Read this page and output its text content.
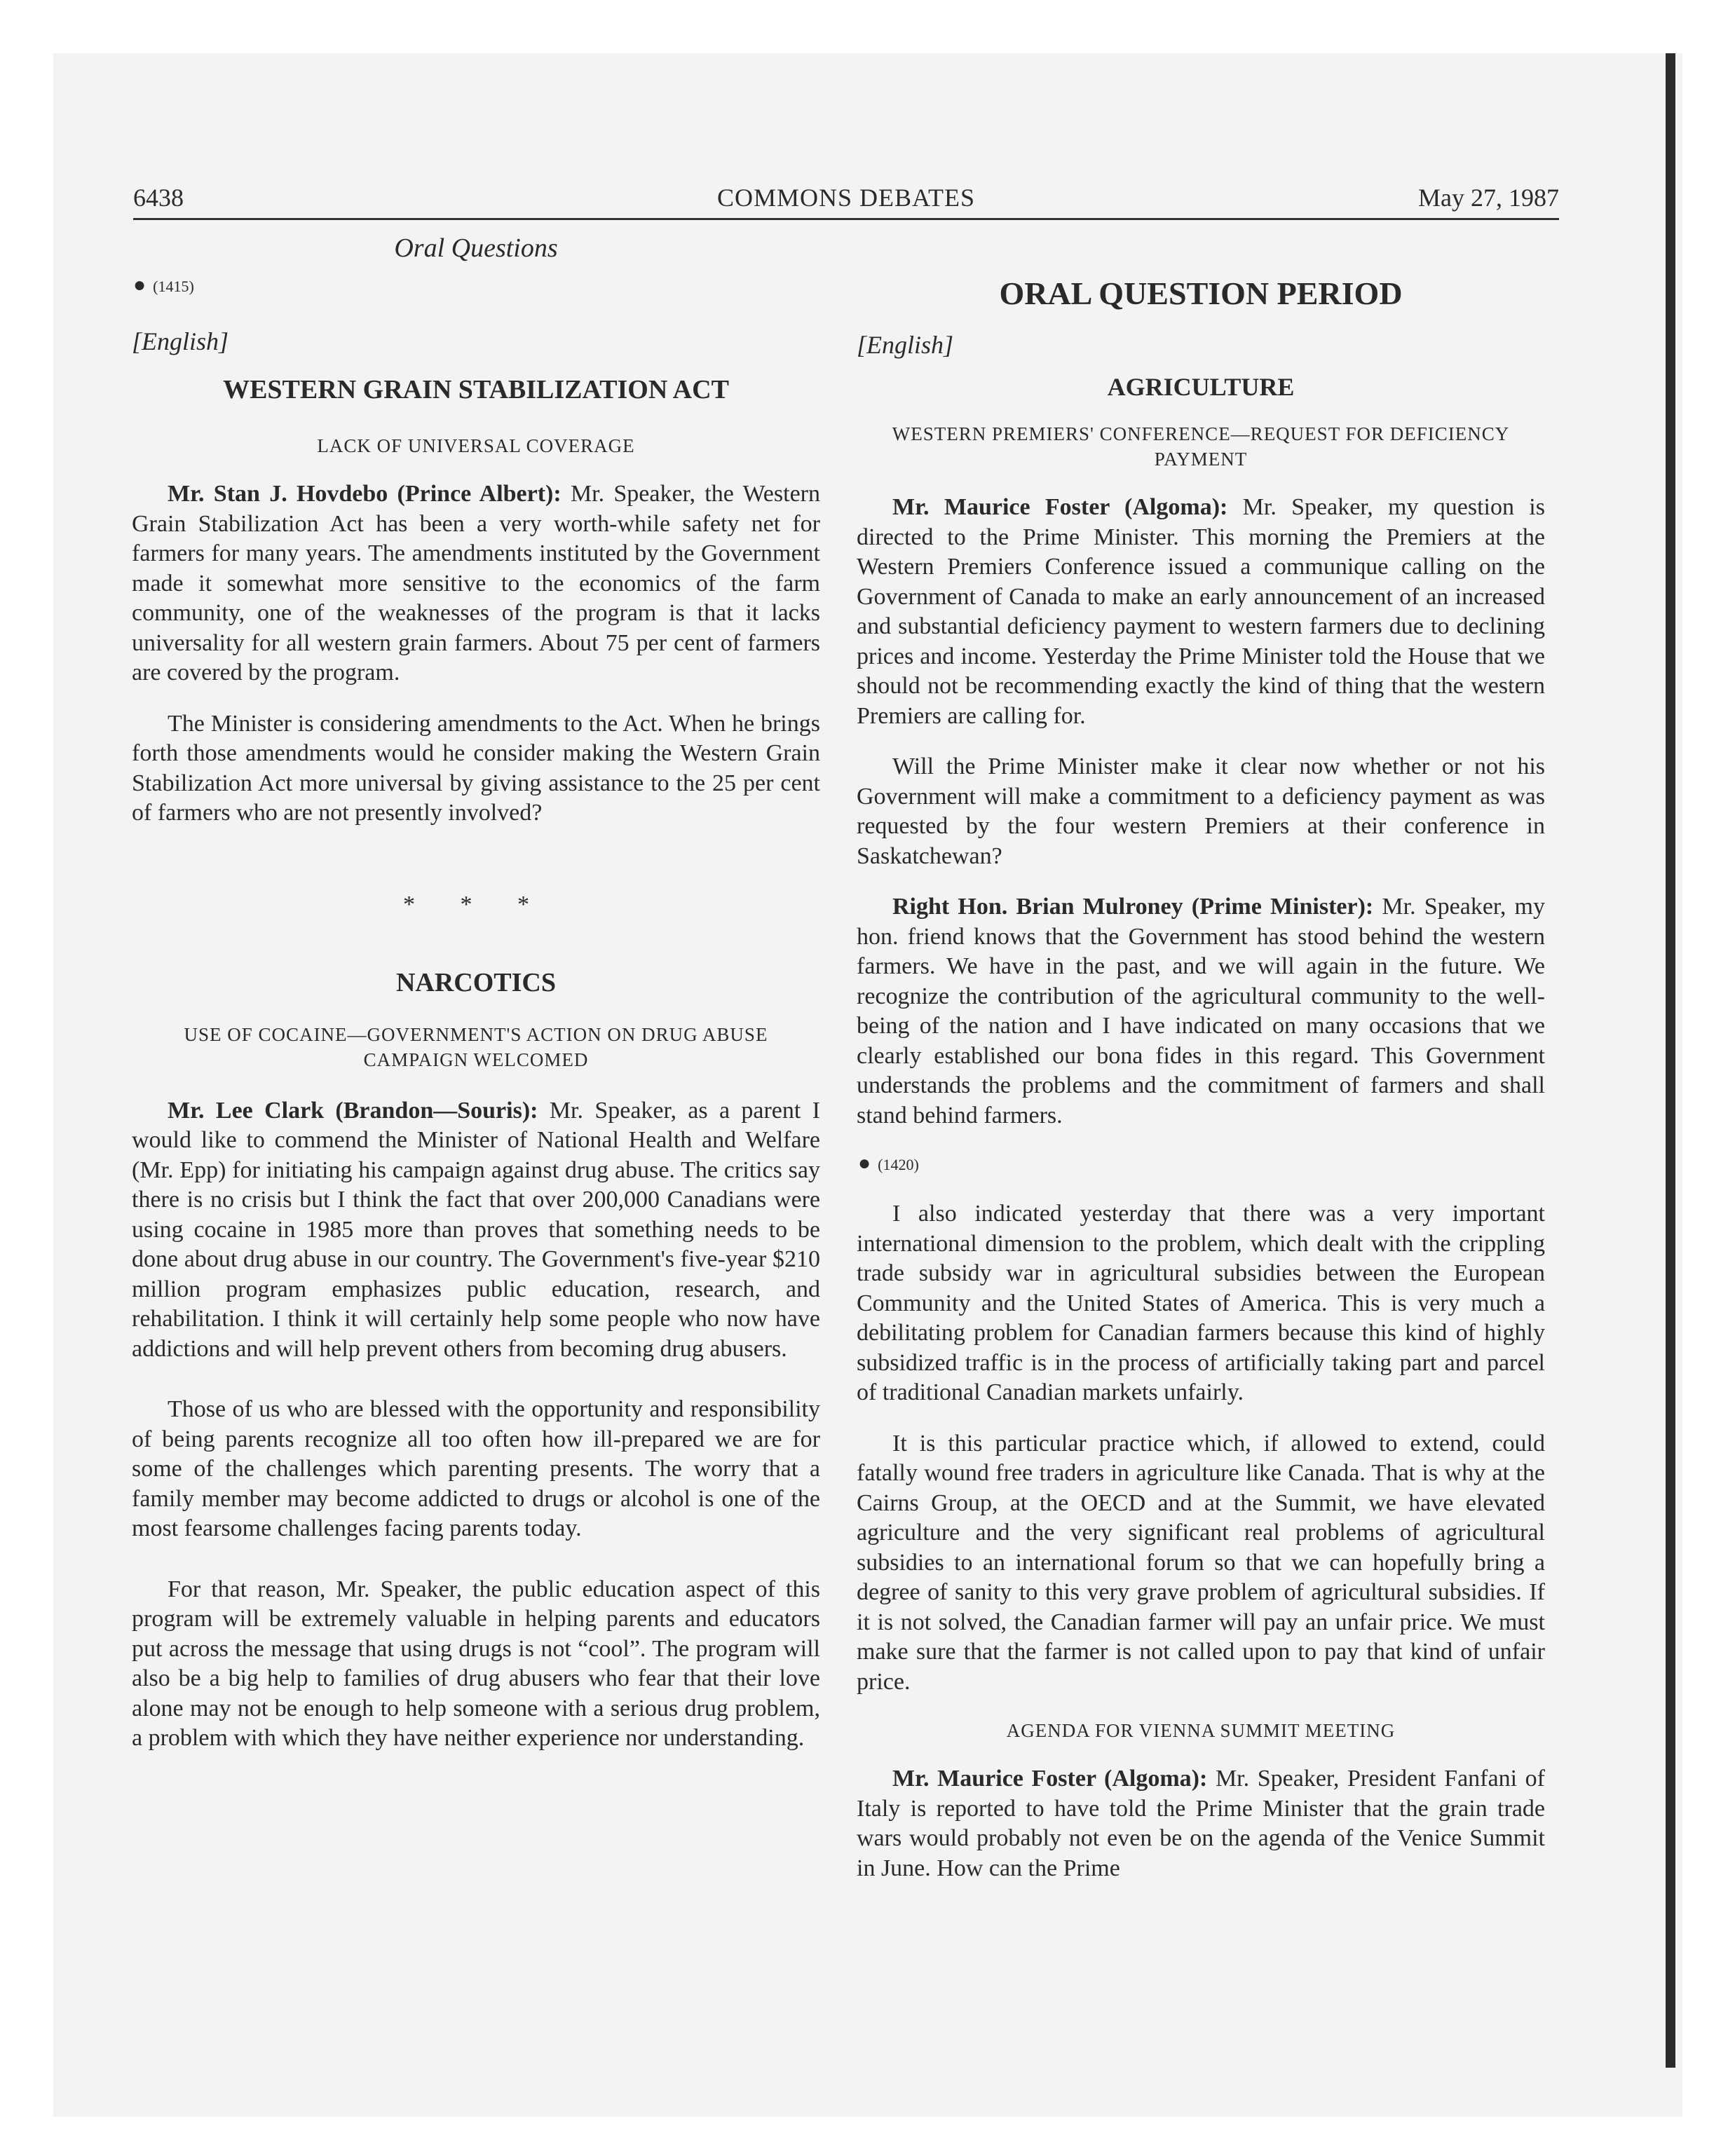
6438	COMMONS DEBATES	May 27, 1987
Oral Questions
● (1415)
[English]
WESTERN GRAIN STABILIZATION ACT
LACK OF UNIVERSAL COVERAGE

Mr. Stan J. Hovdebo (Prince Albert): Mr. Speaker, the Western Grain Stabilization Act has been a very worth-while safety net for farmers for many years. The amendments instituted by the Government made it somewhat more sensitive to the economics of the farm community, one of the weaknesses of the program is that it lacks universality for all western grain farmers. About 75 per cent of farmers are covered by the program.

The Minister is considering amendments to the Act. When he brings forth those amendments would he consider making the Western Grain Stabilization Act more universal by giving assistance to the 25 per cent of farmers who are not presently involved?

* * *
NARCOTICS
USE OF COCAINE—GOVERNMENT'S ACTION ON DRUG ABUSE CAMPAIGN WELCOMED

Mr. Lee Clark (Brandon—Souris): Mr. Speaker, as a parent I would like to commend the Minister of National Health and Welfare (Mr. Epp) for initiating his campaign against drug abuse. The critics say there is no crisis but I think the fact that over 200,000 Canadians were using cocaine in 1985 more than proves that something needs to be done about drug abuse in our country. The Government's five-year $210 million program emphasizes public education, research, and rehabilitation. I think it will certainly help some people who now have addictions and will help prevent others from becoming drug abusers.

Those of us who are blessed with the opportunity and responsibility of being parents recognize all too often how ill-prepared we are for some of the challenges which parenting presents. The worry that a family member may become addicted to drugs or alcohol is one of the most fearsome challenges facing parents today.

For that reason, Mr. Speaker, the public education aspect of this program will be extremely valuable in helping parents and educators put across the message that using drugs is not “cool”. The program will also be a big help to families of drug abusers who fear that their love alone may not be enough to help someone with a serious drug problem, a problem with which they have neither experience nor understanding.

ORAL QUESTION PERIOD
[English]
AGRICULTURE
WESTERN PREMIERS' CONFERENCE—REQUEST FOR DEFICIENCY PAYMENT

Mr. Maurice Foster (Algoma): Mr. Speaker, my question is directed to the Prime Minister. This morning the Premiers at the Western Premiers Conference issued a communique calling on the Government of Canada to make an early announcement of an increased and substantial deficiency payment to western farmers due to declining prices and income. Yesterday the Prime Minister told the House that we should not be recommending exactly the kind of thing that the western Premiers are calling for.

Will the Prime Minister make it clear now whether or not his Government will make a commitment to a deficiency payment as was requested by the four western Premiers at their conference in Saskatchewan?

Right Hon. Brian Mulroney (Prime Minister): Mr. Speaker, my hon. friend knows that the Government has stood behind the western farmers. We have in the past, and we will again in the future. We recognize the contribution of the agricultural community to the well-being of the nation and I have indicated on many occasions that we clearly established our bona fides in this regard. This Government understands the problems and the commitment of farmers and shall stand behind farmers.

● (1420)

I also indicated yesterday that there was a very important international dimension to the problem, which dealt with the crippling trade subsidy war in agricultural subsidies between the European Community and the United States of America. This is very much a debilitating problem for Canadian farmers because this kind of highly subsidized traffic is in the process of artificially taking part and parcel of traditional Canadian markets unfairly.

It is this particular practice which, if allowed to extend, could fatally wound free traders in agriculture like Canada. That is why at the Cairns Group, at the OECD and at the Summit, we have elevated agriculture and the very significant real problems of agricultural subsidies to an international forum so that we can hopefully bring a degree of sanity to this very grave problem of agricultural subsidies. If it is not solved, the Canadian farmer will pay an unfair price. We must make sure that the farmer is not called upon to pay that kind of unfair price.

AGENDA FOR VIENNA SUMMIT MEETING

Mr. Maurice Foster (Algoma): Mr. Speaker, President Fanfani of Italy is reported to have told the Prime Minister that the grain trade wars would probably not even be on the agenda of the Venice Summit in June. How can the Prime
